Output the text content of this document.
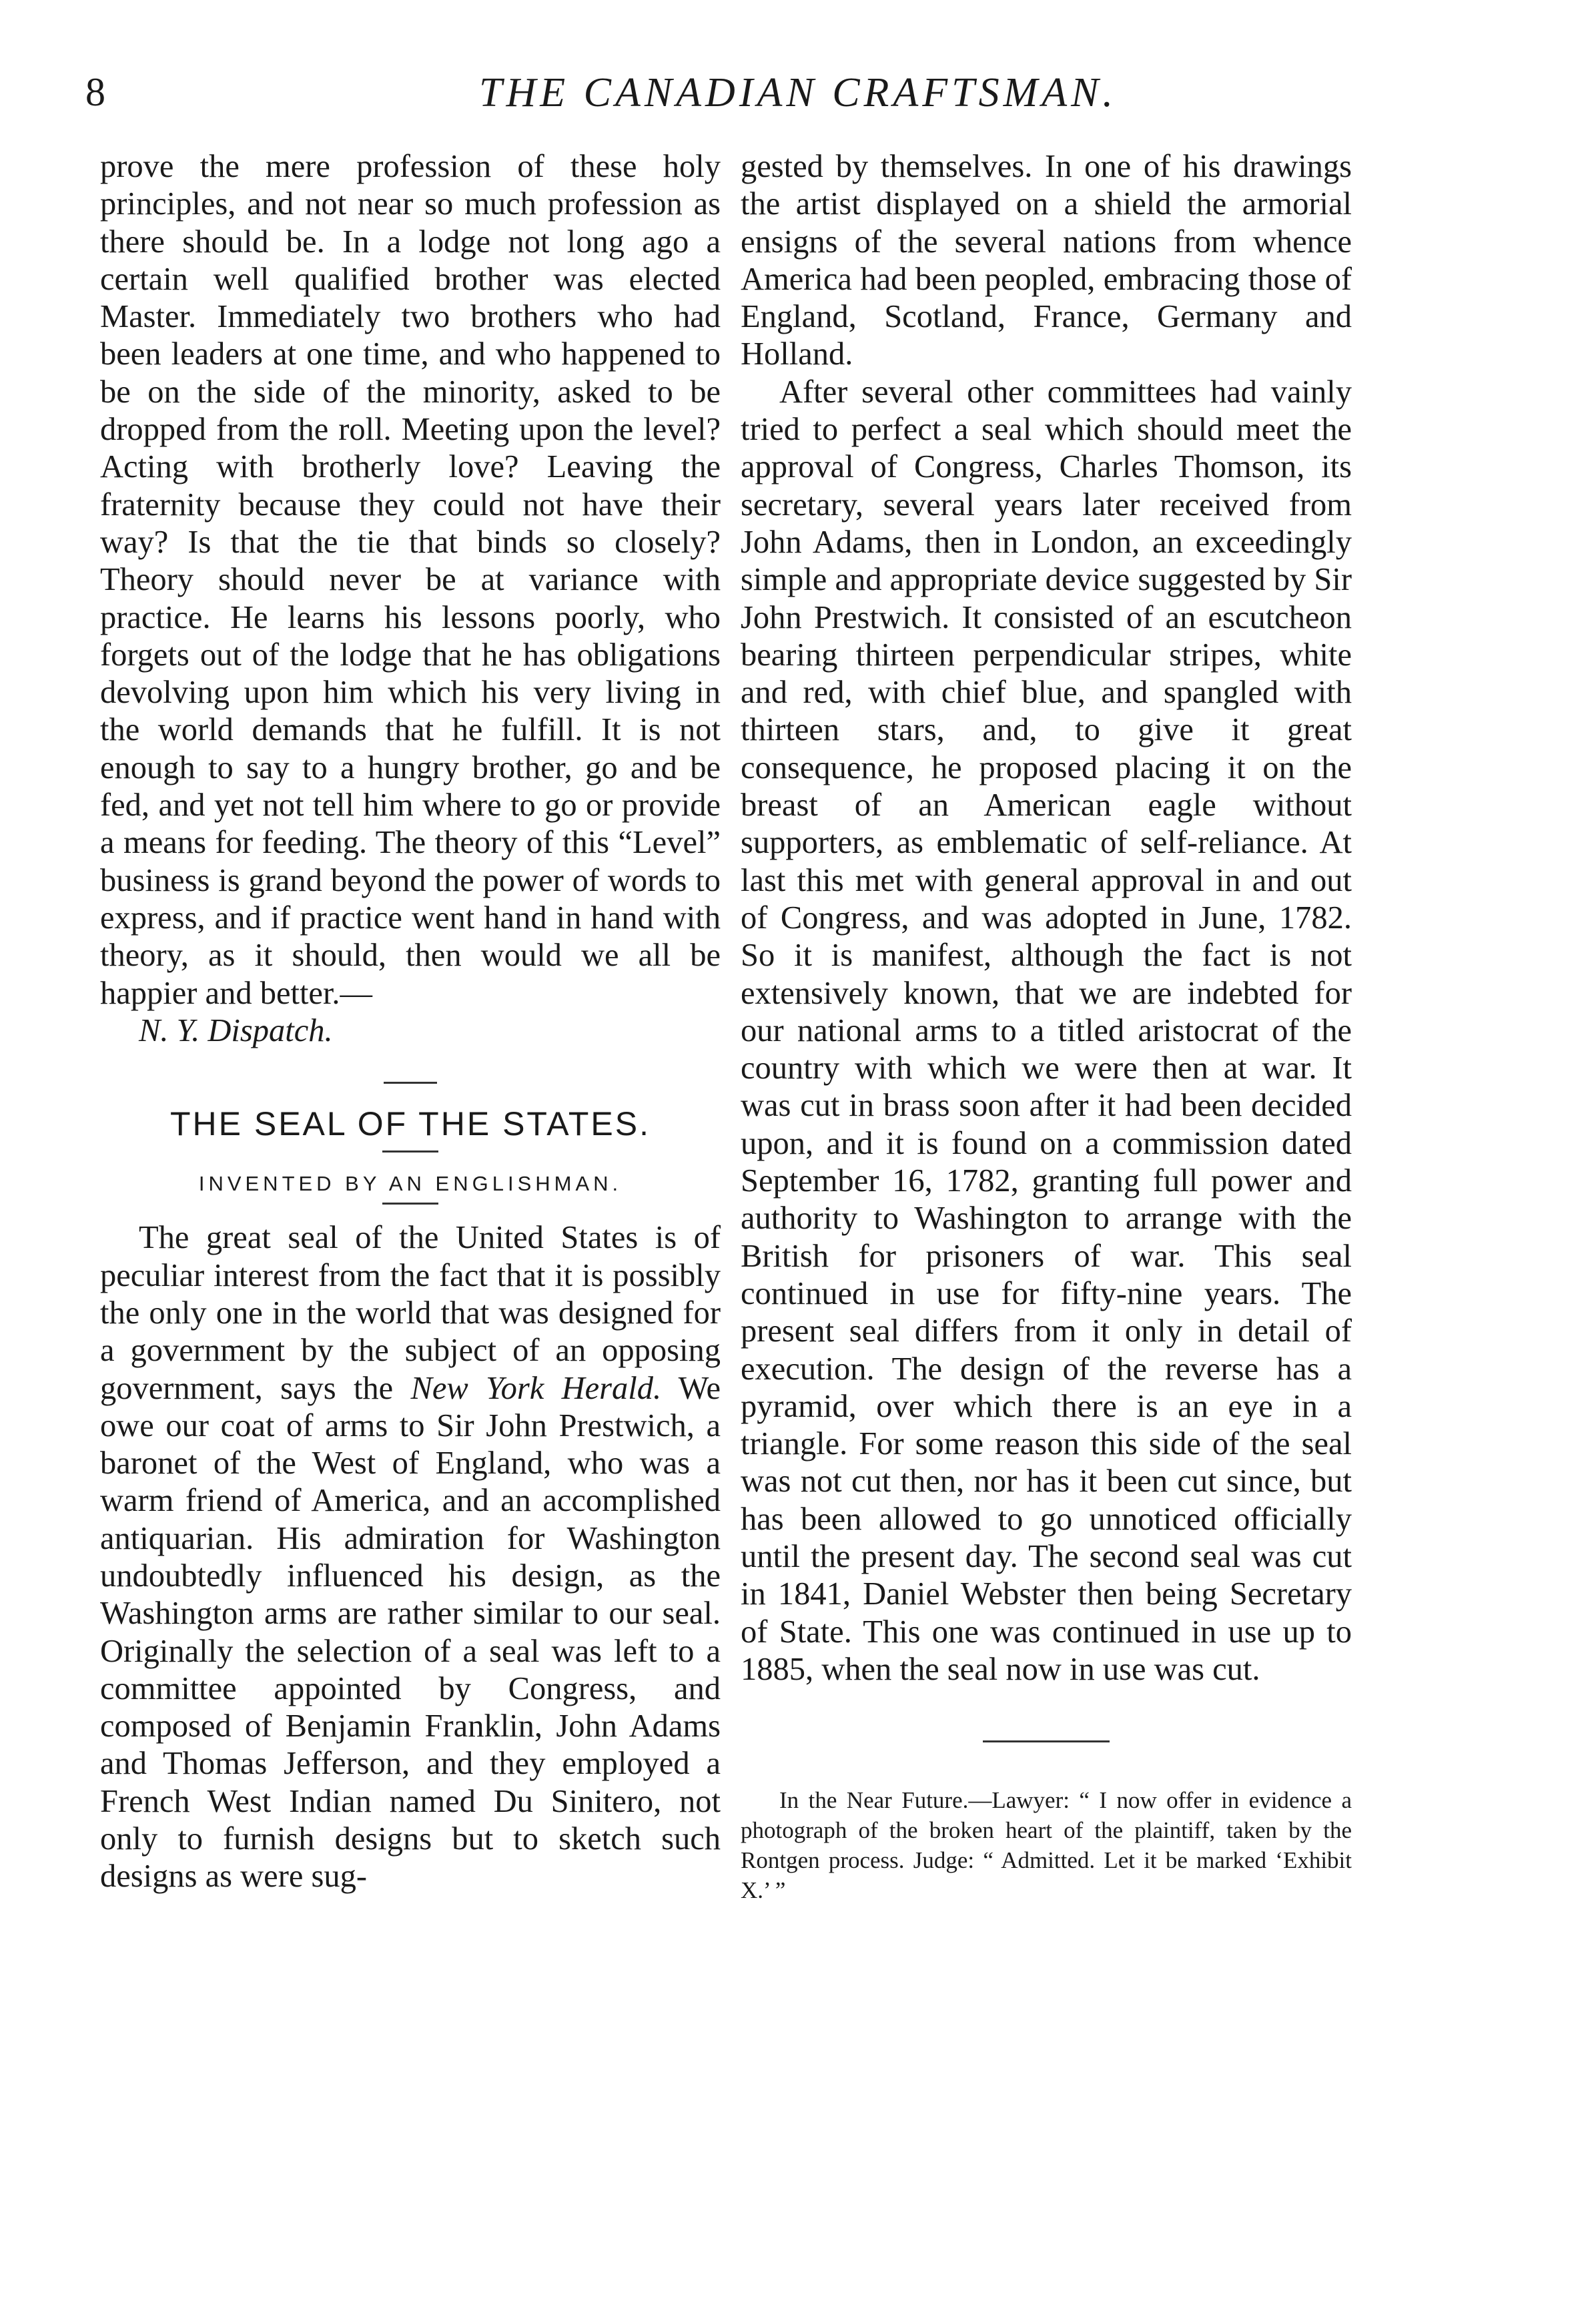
8	THE CANADIAN CRAFTSMAN.

prove the mere profession of these holy principles, and not near so much profession as there should be. In a lodge not long ago a certain well qualified brother was elected Master. Immediately two brothers who had been leaders at one time, and who happened to be on the side of the minority, asked to be dropped from the roll. Meeting upon the level? Acting with brotherly love? Leaving the fraternity because they could not have their way? Is that the tie that binds so closely? Theory should never be at variance with practice. He learns his lessons poorly, who forgets out of the lodge that he has obligations devolving upon him which his very living in the world demands that he fulfill. It is not enough to say to a hungry brother, go and be fed, and yet not tell him where to go or provide a means for feeding. The theory of this “Level” business is grand beyond the power of words to express, and if practice went hand in hand with theory, as it should, then would we all be happier and better.—

N. Y. Dispatch.

THE SEAL OF THE STATES.
INVENTED BY AN ENGLISHMAN.

The great seal of the United States is of peculiar interest from the fact that it is possibly the only one in the world that was designed for a government by the subject of an opposing government, says the New York Herald. We owe our coat of arms to Sir John Prestwich, a baronet of the West of England, who was a warm friend of America, and an accomplished antiquarian. His admiration for Washington undoubtedly influenced his design, as the Washington arms are rather similar to our seal. Originally the selection of a seal was left to a committee appointed by Congress, and composed of Benjamin Franklin, John Adams and Thomas Jefferson, and they employed a French West Indian named Du Sinitero, not only to furnish designs but to sketch such designs as were sug-

gested by themselves. In one of his drawings the artist displayed on a shield the armorial ensigns of the several nations from whence America had been peopled, embracing those of England, Scotland, France, Germany and Holland.

After several other committees had vainly tried to perfect a seal which should meet the approval of Congress, Charles Thomson, its secretary, several years later received from John Adams, then in London, an exceedingly simple and appropriate device suggested by Sir John Prestwich. It consisted of an escutcheon bearing thirteen perpendicular stripes, white and red, with chief blue, and spangled with thirteen stars, and, to give it great consequence, he proposed placing it on the breast of an American eagle without supporters, as emblematic of self-reliance. At last this met with general approval in and out of Congress, and was adopted in June, 1782. So it is manifest, although the fact is not extensively known, that we are indebted for our national arms to a titled aristocrat of the country with which we were then at war. It was cut in brass soon after it had been decided upon, and it is found on a commission dated September 16, 1782, granting full power and authority to Washington to arrange with the British for prisoners of war. This seal continued in use for fifty-nine years. The present seal differs from it only in detail of execution. The design of the reverse has a pyramid, over which there is an eye in a triangle. For some reason this side of the seal was not cut then, nor has it been cut since, but has been allowed to go unnoticed officially until the present day. The second seal was cut in 1841, Daniel Webster then being Secretary of State. This one was continued in use up to 1885, when the seal now in use was cut.

In the Near Future.—Lawyer: “ I now offer in evidence a photograph of the broken heart of the plaintiff, taken by the Rontgen process. Judge: “ Admitted. Let it be marked ‘Exhibit X.’ ”
